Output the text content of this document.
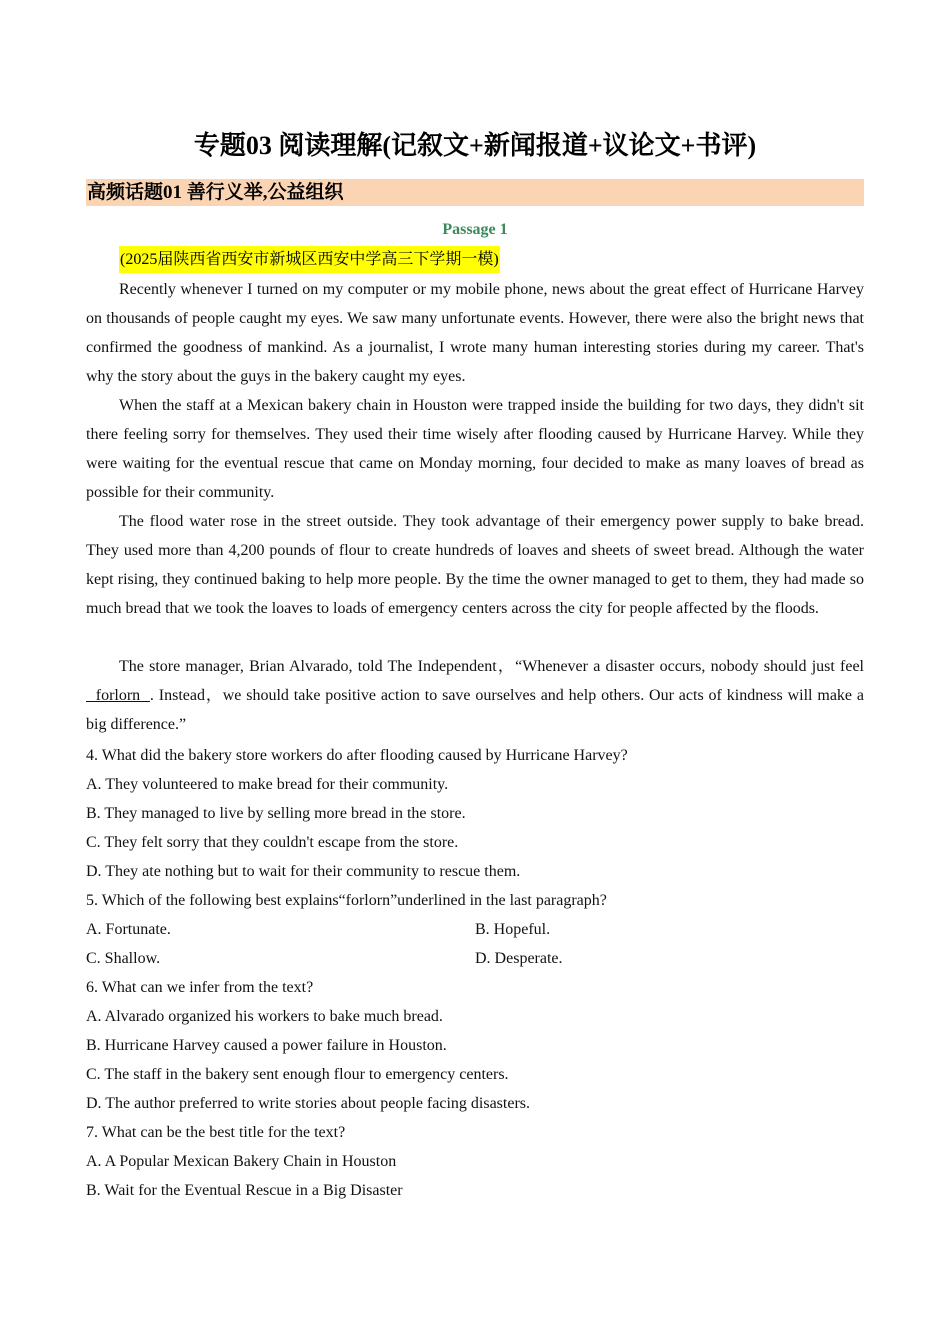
专题03 阅读理解(记叙文+新闻报道+议论文+书评)
高频话题01 善行义举,公益组织
Passage 1
(2025届陕西省西安市新城区西安中学高三下学期一模)

Recently whenever I turned on my computer or my mobile phone, news about the great effect of Hurricane Harvey on thousands of people caught my eyes. We saw many unfortunate events. However, there were also the bright news that confirmed the goodness of mankind. As a journalist, I wrote many human interesting stories during my career. That's why the story about the guys in the bakery caught my eyes.

When the staff at a Mexican bakery chain in Houston were trapped inside the building for two days, they didn't sit there feeling sorry for themselves. They used their time wisely after flooding caused by Hurricane Harvey. While they were waiting for the eventual rescue that came on Monday morning, four decided to make as many loaves of bread as possible for their community.

The flood water rose in the street outside. They took advantage of their emergency power supply to bake bread. They used more than 4,200 pounds of flour to create hundreds of loaves and sheets of sweet bread. Although the water kept rising, they continued baking to help more people. By the time the owner managed to get to them, they had made so much bread that we took the loaves to loads of emergency centers across the city for people affected by the floods.

The store manager, Brian Alvarado, told The Independent，“Whenever a disaster occurs, nobody should just feel   forlorn  . Instead，we should take positive action to save ourselves and help others. Our acts of kindness will make a big difference.”

4. What did the bakery store workers do after flooding caused by Hurricane Harvey?
A. They volunteered to make bread for their community.
B. They managed to live by selling more bread in the store.
C. They felt sorry that they couldn't escape from the store.
D. They ate nothing but to wait for their community to rescue them.
5. Which of the following best explains“forlorn”underlined in the last paragraph?
A. Fortunate.	B. Hopeful.
C. Shallow.	D. Desperate.
6. What can we infer from the text?
A. Alvarado organized his workers to bake much bread.
B. Hurricane Harvey caused a power failure in Houston.
C. The staff in the bakery sent enough flour to emergency centers.
D. The author preferred to write stories about people facing disasters.
7. What can be the best title for the text?
A. A Popular Mexican Bakery Chain in Houston
B. Wait for the Eventual Rescue in a Big Disaster
